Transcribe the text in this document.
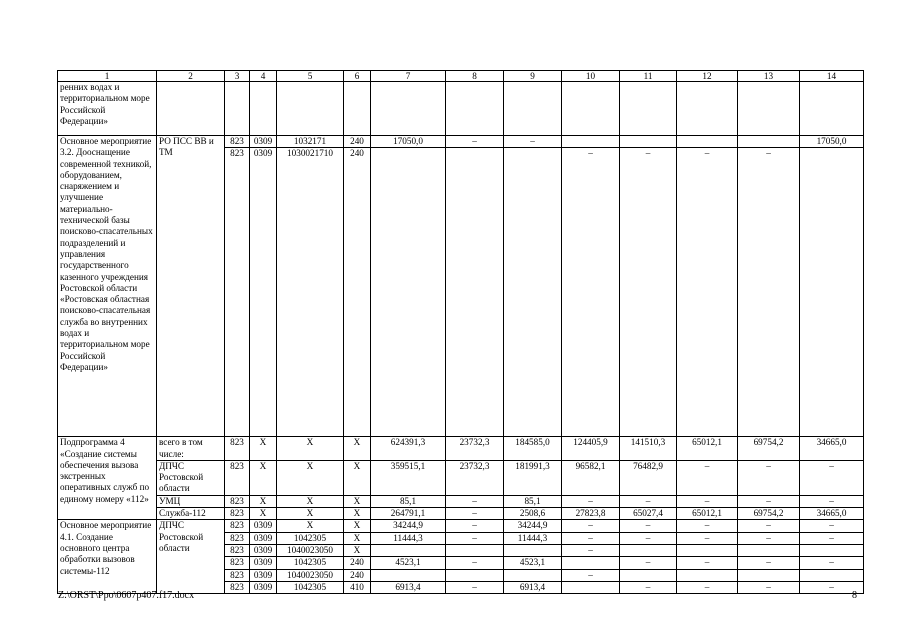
1	2	3	4	5	6	7	8	9	10	11	12	13	14
ренних водах и территориальном море Российской Федерации»													
Основное мероприятие 3.2. Дооснащение современной техникой, оборудованием, снаряжением и улучшение материально-технической базы поисково-спасательных подразделений и управления государственного казенного учреждения Ростовской области «Ростовская областная поисково-спасательная служба во внутренних водах и территориальном море Российской Федерации»	РО ПСС ВВ и ТМ	823	0309	1032171	240	17050,0	–	–					17050,0
		823	0309	1030021710	240				–	–	–	–	
Подпрограмма 4 «Создание системы обеспечения вызова экстренных оперативных служб по единому номеру «112»	всего в том числе:	823	X	X	X	624391,3	23732,3	184585,0	124405,9	141510,3	65012,1	69754,2	34665,0
	ДПЧС Ростовской области	823	X	X	X	359515,1	23732,3	181991,3	96582,1	76482,9	–	–	–
	УМЦ	823	X	X	X	85,1	–	85,1	–	–	–	–	–
	Служба-112	823	X	X	X	264791,1	–	2508,6	27823,8	65027,4	65012,1	69754,2	34665,0
Основное мероприятие 4.1. Создание основного центра обработки вызовов системы-112	ДПЧС Ростовской области	823	0309	X	X	34244,9	–	34244,9	–	–	–	–	–
		823	0309	1042305	X	11444,3	–	11444,3	–	–	–	–	–
		823	0309	1040023050	X				–				
		823	0309	1042305	240	4523,1	–	4523,1		–	–	–	–
		823	0309	1040023050	240				–				
		823	0309	1042305	410	6913,4	–	6913,4		–	–	–	–
Z:\ORST\Ppo\0607p407.f17.docx	8
